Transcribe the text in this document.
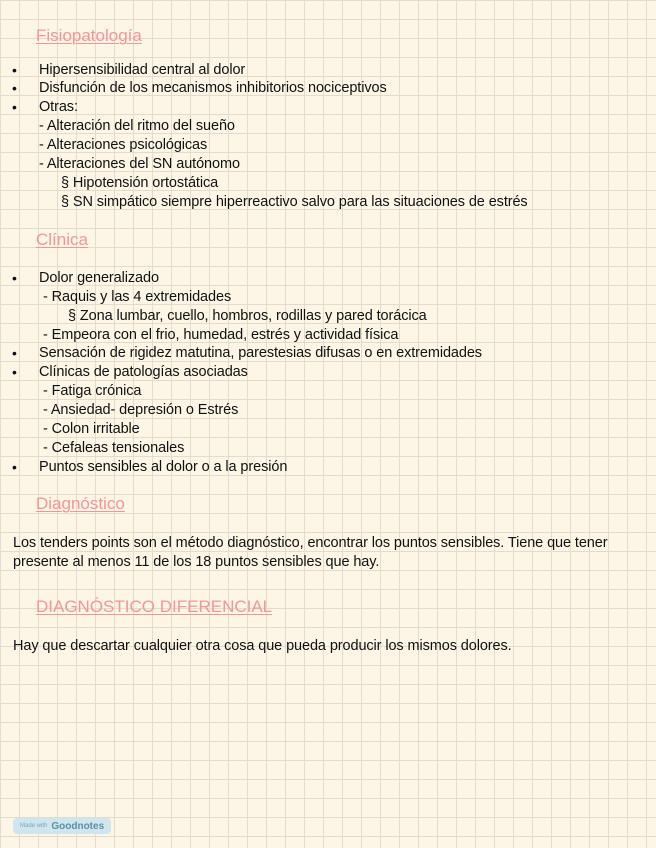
Fisiopatología
• Hipersensibilidad central al dolor
• Disfunción de los mecanismos inhibitorios nociceptivos
• Otras:
- Alteración del ritmo del sueño
- Alteraciones psicológicas
- Alteraciones del SN autónomo
§ Hipotensión ortostática
§ SN simpático siempre hiperreactivo salvo para las situaciones de estrés
Clínica
• Dolor generalizado
- Raquis y las 4 extremidades
§ Zona lumbar, cuello, hombros, rodillas y pared torácica
- Empeora con el frio, humedad, estrés y actividad física
• Sensación de rigidez matutina, parestesias difusas o en extremidades
• Clínicas de patologías asociadas
- Fatiga crónica
- Ansiedad- depresión o Estrés
- Colon irritable
- Cefaleas tensionales
• Puntos sensibles al dolor o a la presión
Diagnóstico
Los tenders points son el método diagnóstico, encontrar los puntos sensibles. Tiene que tener presente al menos 11 de los 18 puntos sensibles que hay.
DIAGNÓSTICO DIFERENCIAL
Hay que descartar cualquier otra cosa que pueda producir los mismos dolores.
Made with Goodnotes
